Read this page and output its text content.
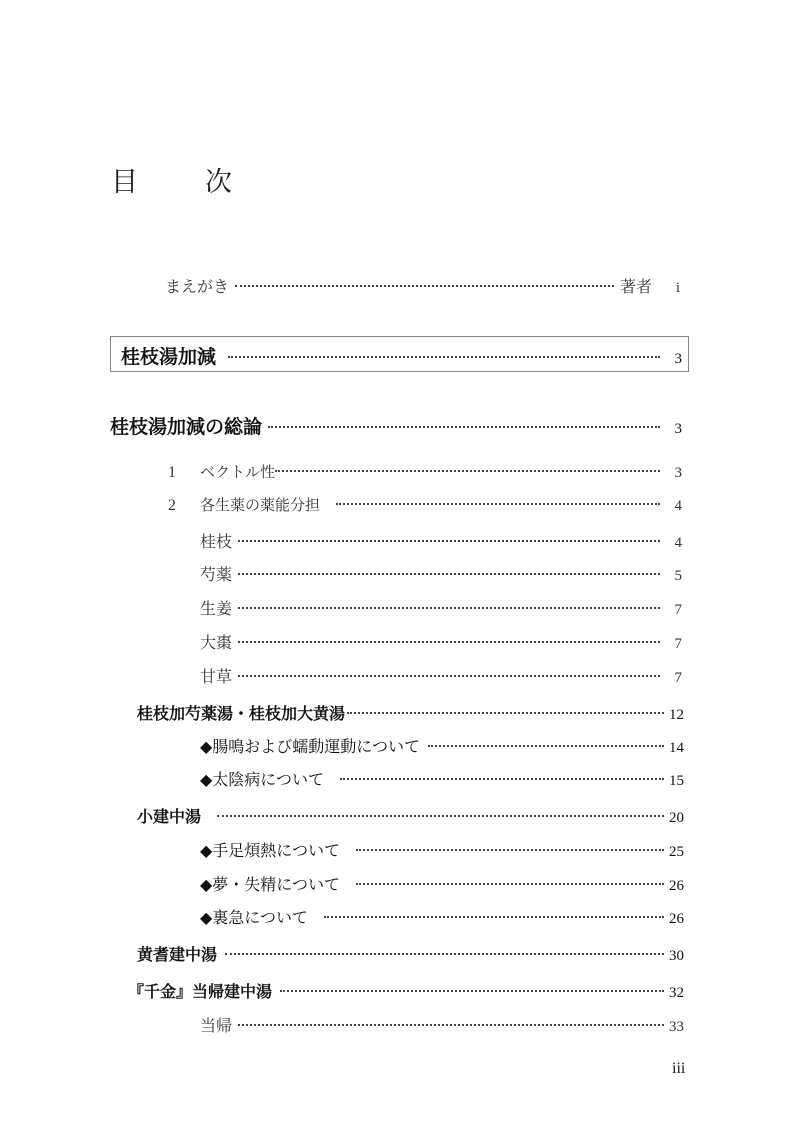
目　次
まえがき	著者 i
桂枝湯加減	3
桂枝湯加減の総論	3
1	ベクトル性	3
2	各生薬の薬能分担	4
桂枝	4
芍薬	5
生姜	7
大棗	7
甘草	7
桂枝加芍薬湯・桂枝加大黄湯	12
◆腸鳴および蠕動運動について	14
◆太陰病について	15
小建中湯	20
◆手足煩熱について	25
◆夢・失精について	26
◆裏急について	26
黄耆建中湯	30
『千金』当帰建中湯	32
当帰	33
iii
